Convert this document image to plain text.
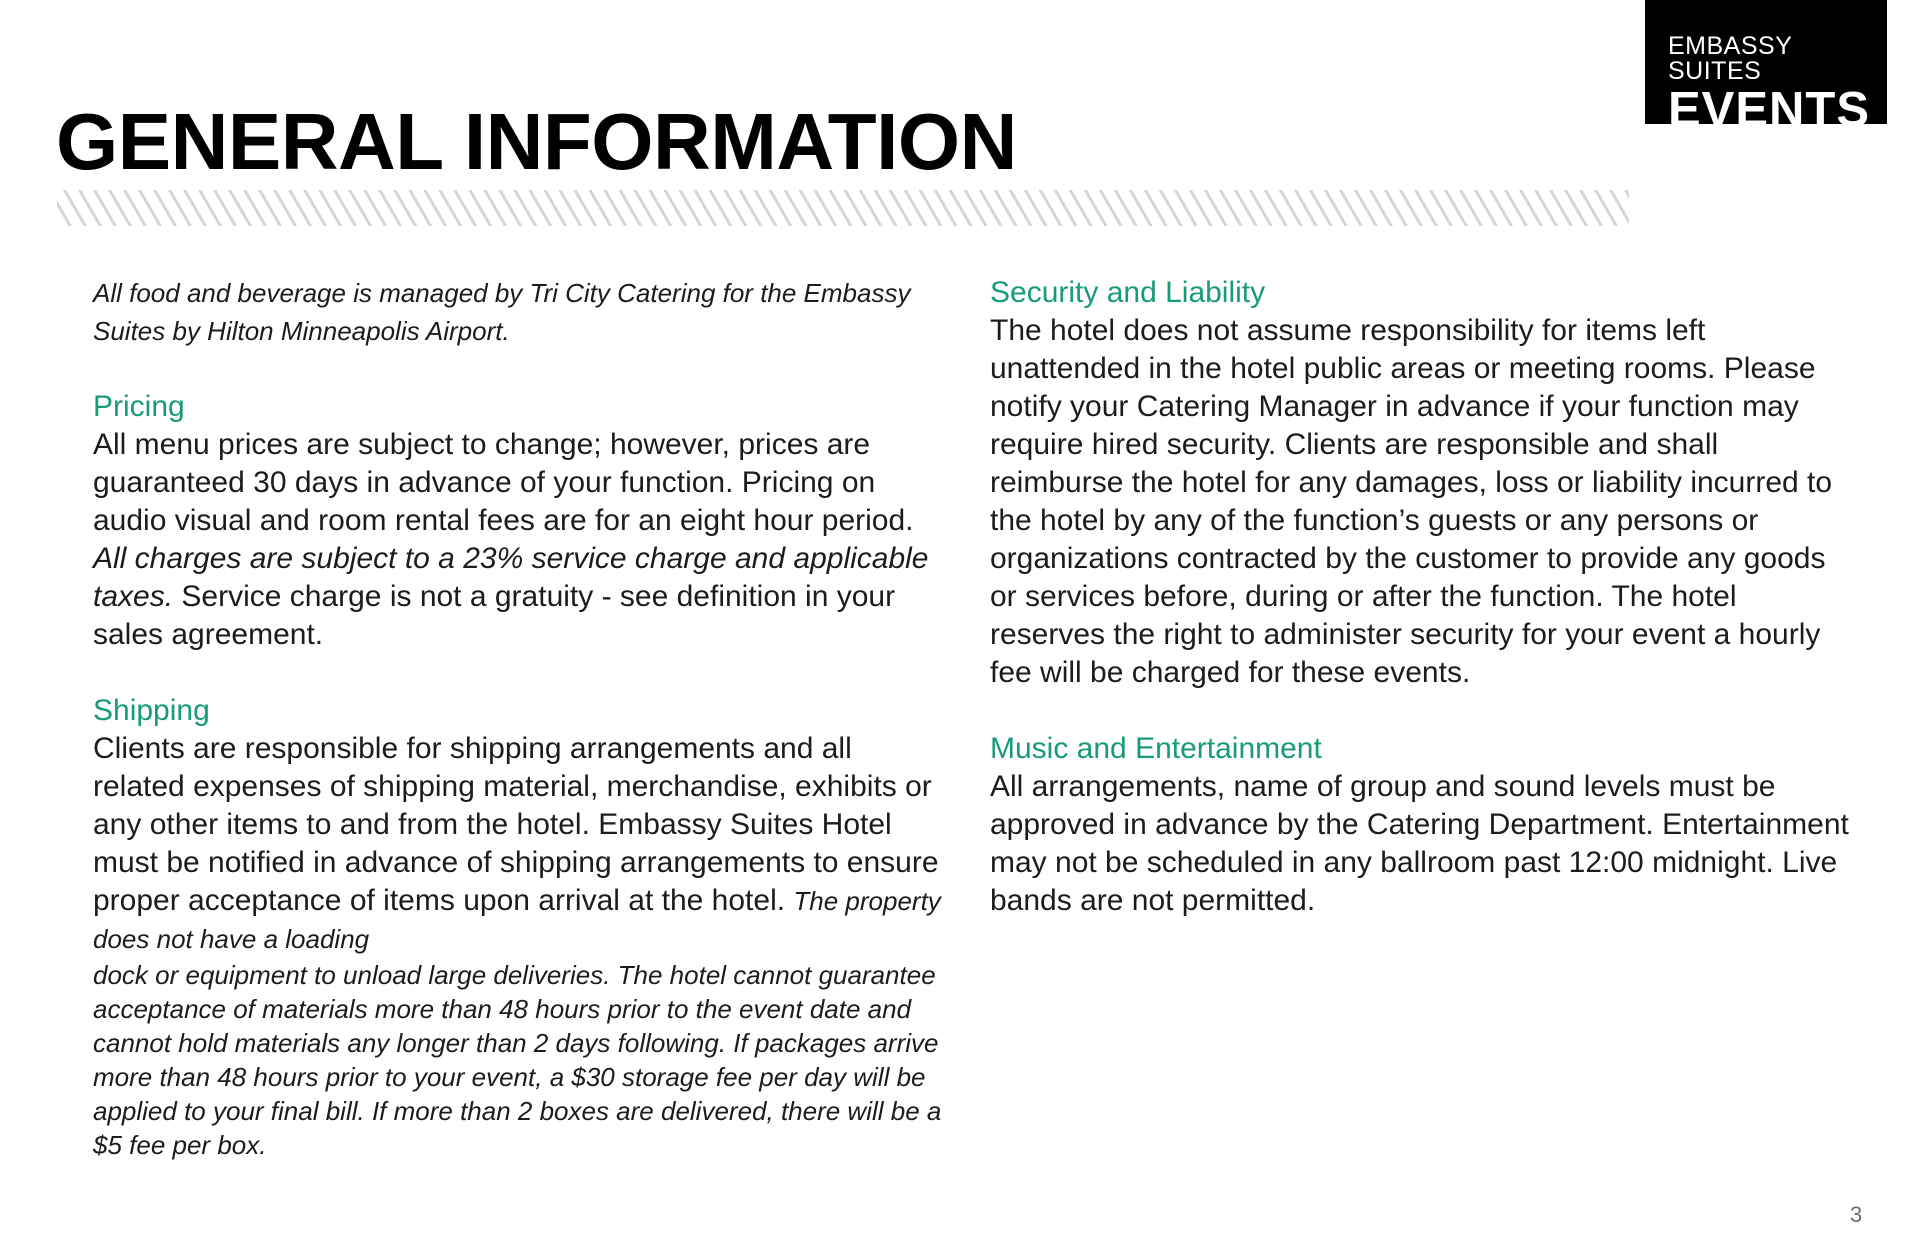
EMBASSY SUITES
EVENTS
GENERAL INFORMATION

All food and beverage is managed by Tri City Catering for the Embassy Suites by Hilton Minneapolis Airport.

Pricing

All menu prices are subject to change; however, prices are guaranteed 30 days in advance of your function. Pricing on audio visual and room rental fees are for an eight hour period. All charges are subject to a 23% service charge and applicable taxes. Service charge is not a gratuity - see definition in your sales agreement.

Shipping

Clients are responsible for shipping arrangements and all related expenses of shipping material, merchandise, exhibits or any other items to and from the hotel. Embassy Suites Hotel must be notified in advance of shipping arrangements to ensure proper acceptance of items upon arrival at the hotel. The property does not have a loading

dock or equipment to unload large deliveries. The hotel cannot guarantee acceptance of materials more than 48 hours prior to the event date and cannot hold materials any longer than 2 days following. If packages arrive more than 48 hours prior to your event, a $30 storage fee per day will be applied to your final bill. If more than 2 boxes are delivered, there will be a $5 fee per box.

Security and Liability

The hotel does not assume responsibility for items left unattended in the hotel public areas or meeting rooms. Please notify your Catering Manager in advance if your function may require hired security. Clients are responsible and shall reimburse the hotel for any damages, loss or liability incurred to the hotel by any of the function’s guests or any persons or organizations contracted by the customer to provide any goods or services before, during or after the function. The hotel reserves the right to administer security for your event a hourly fee will be charged for these events.

Music and Entertainment

All arrangements, name of group and sound levels must be approved in advance by the Catering Department. Entertainment may not be scheduled in any ballroom past 12:00 midnight. Live bands are not permitted.

3
